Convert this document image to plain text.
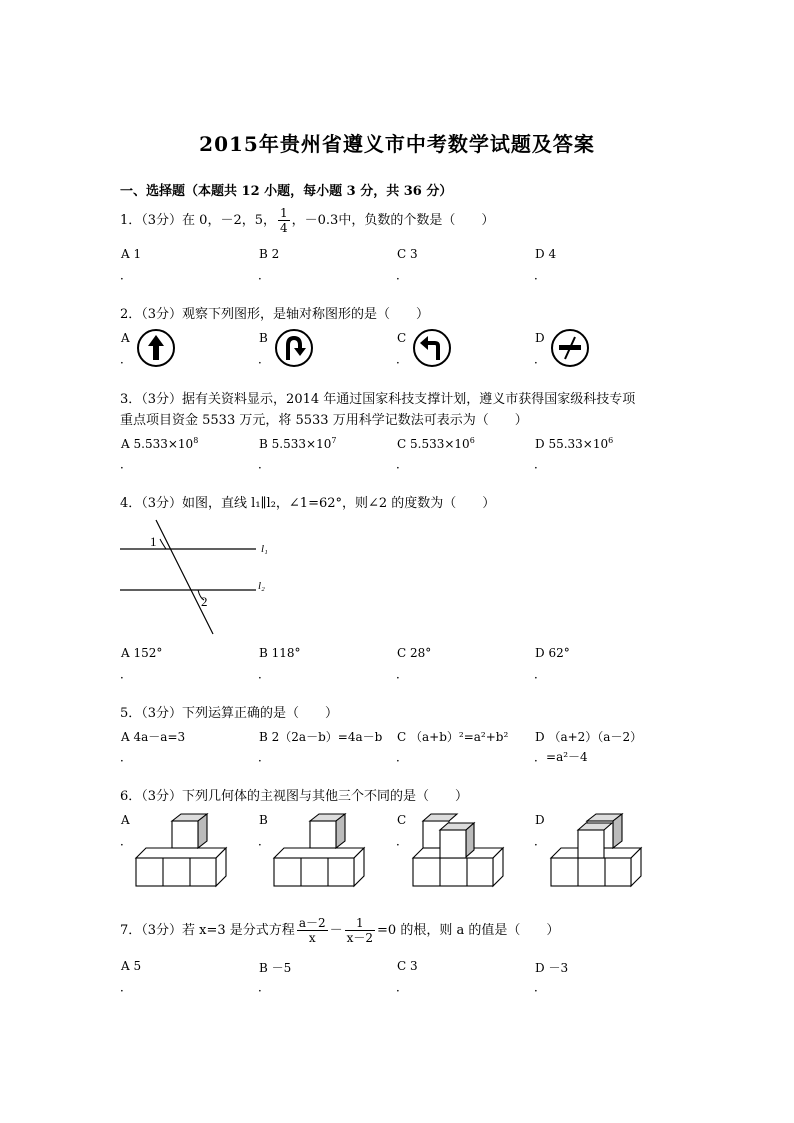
2015年贵州省遵义市中考数学试题及答案
一、选择题（本题共 12 小题，每小题 3 分，共 36 分）
1．（3分）在 0，－2，5， $\frac{1}{4}$ ，－0.3中，负数的个数是（　　）
A 1	B 2	C 3	D 4
．	．	．	．
2．（3分）观察下列图形，是轴对称图形的是（　　）
A	B	C	D
．	．	．	．
3．（3分）据有关资料显示，2014 年通过国家科技支撑计划，遵义市获得国家级科技专项
重点项目资金 5533 万元，将 5533 万用科学记数法可表示为（　　）
A $5.533\times 10^8$	B $5.533\times 10^7$	C $5.533\times 10^6$	D $55.33\times 10^6$
．	．	．	．
4．（3分）如图，直线 l₁∥l₂，∠1=62°，则∠2 的度数为（　　）
1
2
l₁
l₂
A 152°	B 118°	C 28°	D 62°
．	．	．	．
5．（3分）下列运算正确的是（　　）
A 4a－a=3	B 2（2a－b）=4a－b C （a+b）²=a²+b² D （a+2）（a－2）
．	．	．	．=a²－4
6．（3分）下列几何体的主视图与其他三个不同的是（　　）
A	B	C	D
．	．	．	．
7．（3分）若 x=3 是分式方程 $\frac{a-2}{x} - \frac{1}{x-2} =0$ 的根，则 a 的值是（　　）
A 5	B －5	C 3	D －3
．	．	．	．
